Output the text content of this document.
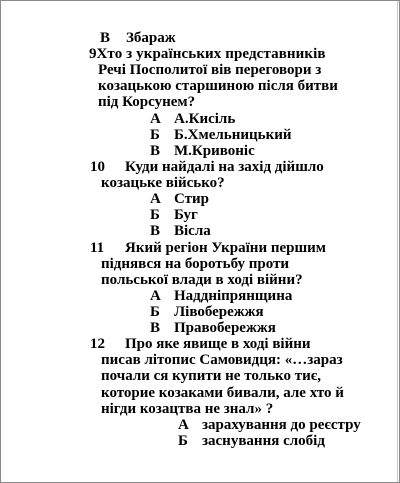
В Збараж
9Хто з українських представників
Речі Посполитої вів переговори з
козацькою старшиною після битви
під Корсунем?
А А.Кисіль
Б Б.Хмельницький
В М.Кривоніс
10 Куди найдалі на захід дійшло
козацьке військо?
А Стир
Б Буг
В Вісла
11 Який регіон України першим
піднявся на боротьбу проти
польської влади в ході війни?
А Наддніпрянщина
Б Лівобережжя
В Правобережжя
12 Про яке явище в ході війни
писав літопис Самовидця: «…зараз
почали ся купити не только тиє,
которие козаками бивали, але хто й
нігди козацтва не знал» ?
А зарахування до реєстру
Б заснування слобід
